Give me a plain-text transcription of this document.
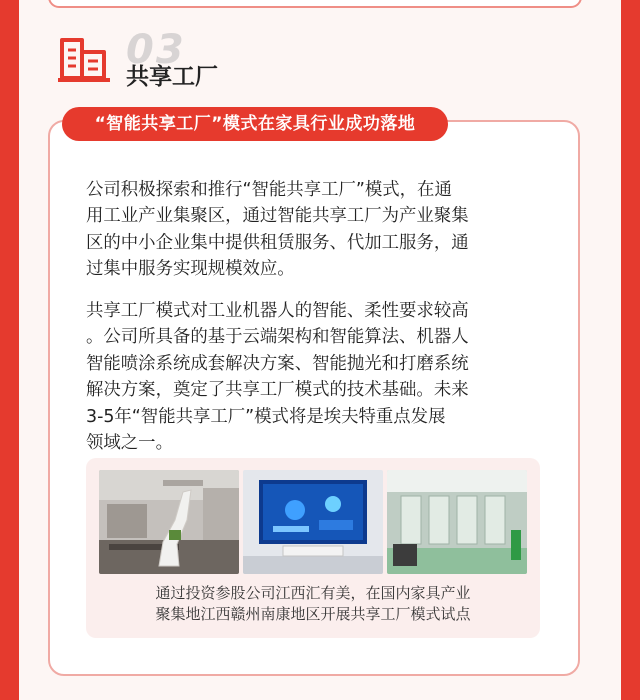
03
共享工厂
“智能共享工厂”模式在家具行业成功落地
公司积极探索和推行“智能共享工厂”模式，在通
用工业产业集聚区，通过智能共享工厂为产业聚集
区的中小企业集中提供租赁服务、代加工服务，通
过集中服务实现规模效应。
共享工厂模式对工业机器人的智能、柔性要求较高
。公司所具备的基于云端架构和智能算法、机器人
智能喷涂系统成套解决方案、智能抛光和打磨系统
解决方案，奠定了共享工厂模式的技术基础。未来
3-5年“智能共享工厂”模式将是埃夫特重点发展
领域之一。
通过投资参股公司江西汇有美，在国内家具产业
聚集地江西赣州南康地区开展共享工厂模式试点
